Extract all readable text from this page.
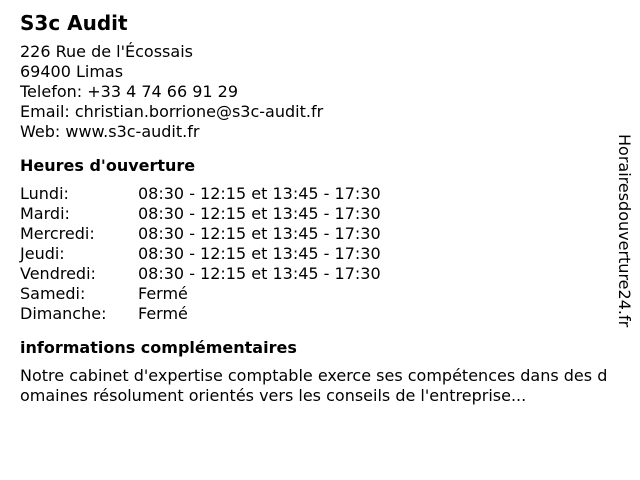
S3c Audit
226 Rue de l'Écossais
69400 Limas
Telefon: +33 4 74 66 91 29
Email: christian.borrione@s3c-audit.fr
Web: www.s3c-audit.fr
Heures d'ouverture
Lundi:	08:30 - 12:15 et 13:45 - 17:30
Mardi:	08:30 - 12:15 et 13:45 - 17:30
Mercredi:	08:30 - 12:15 et 13:45 - 17:30
Jeudi:	08:30 - 12:15 et 13:45 - 17:30
Vendredi:	08:30 - 12:15 et 13:45 - 17:30
Samedi:	Fermé
Dimanche:	Fermé
informations complémentaires
Notre cabinet d'expertise comptable exerce ses compétences dans des domaines résolument orientés vers les conseils de l'entreprise...
Horairesdouverture24.fr
